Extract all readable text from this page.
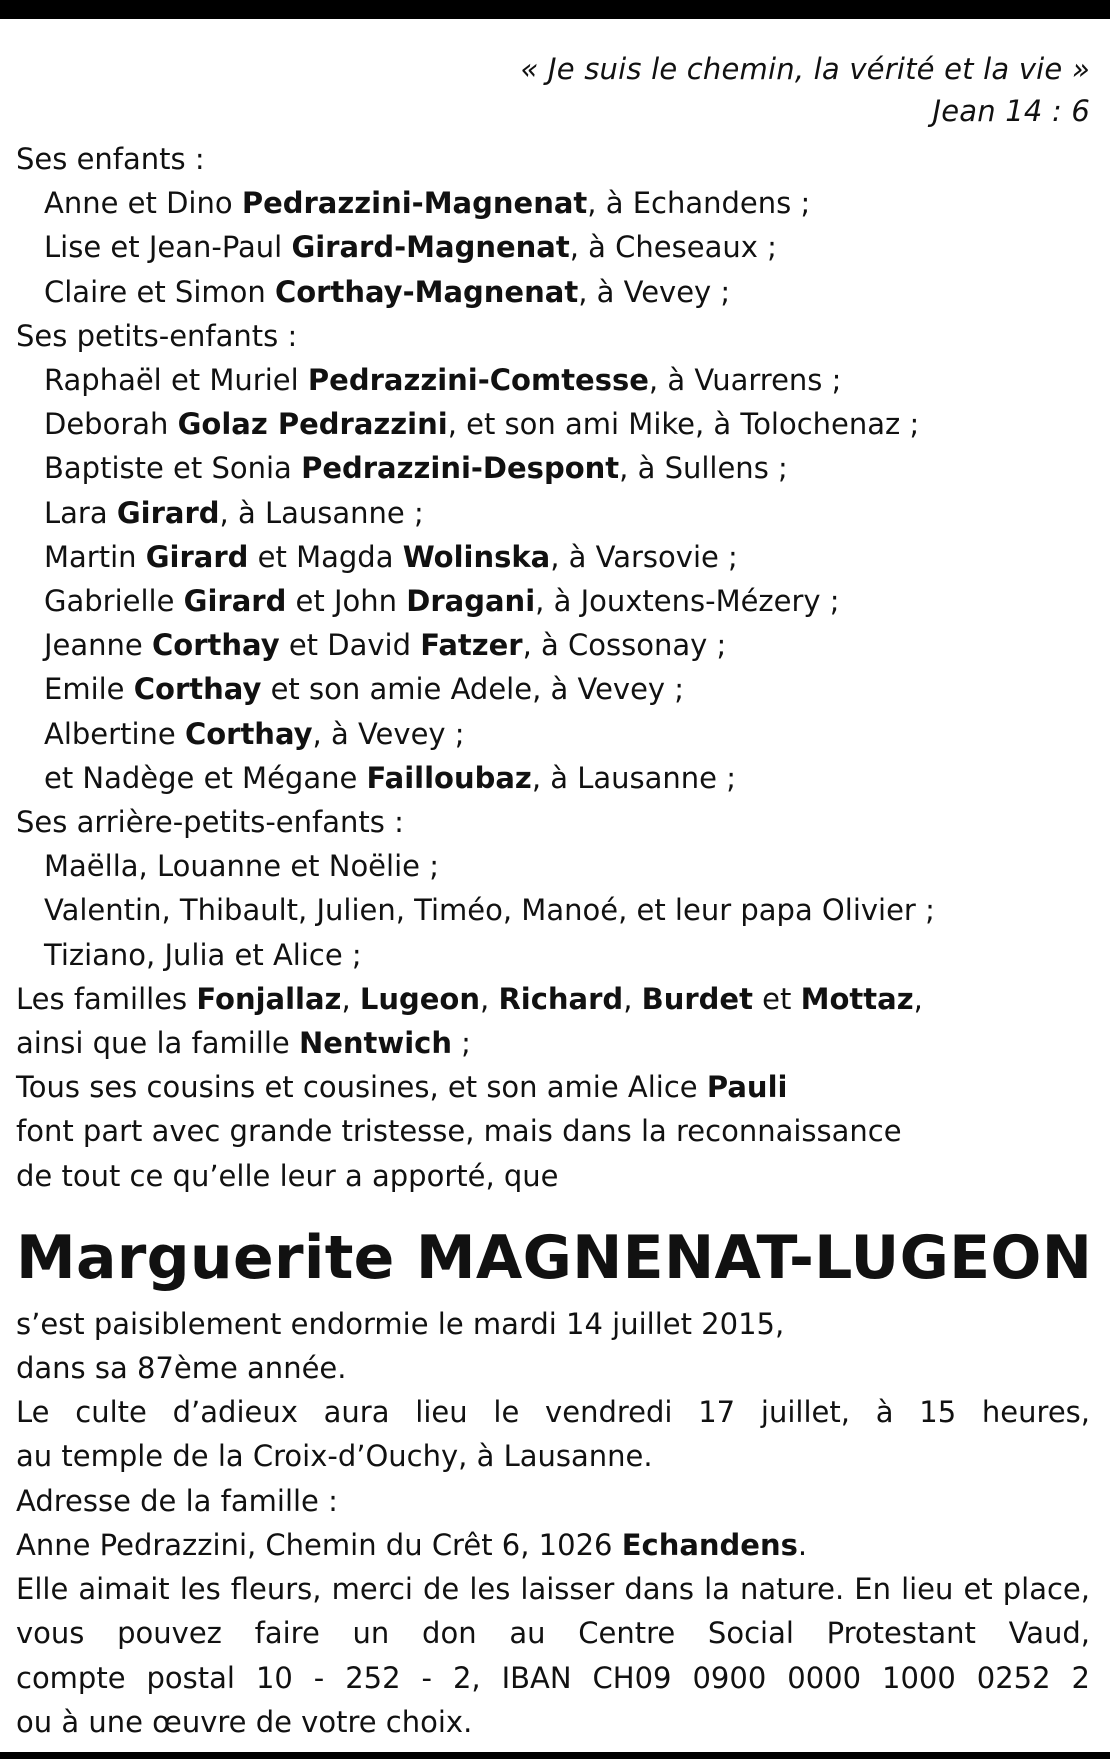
« Je suis le chemin, la vérité et la vie »
Jean 14 : 6
Ses enfants :
Anne et Dino Pedrazzini-Magnenat, à Echandens ;
Lise et Jean-Paul Girard-Magnenat, à Cheseaux ;
Claire et Simon Corthay-Magnenat, à Vevey ;
Ses petits-enfants :
Raphaël et Muriel Pedrazzini-Comtesse, à Vuarrens ;
Deborah Golaz Pedrazzini, et son ami Mike, à Tolochenaz ;
Baptiste et Sonia Pedrazzini-Despont, à Sullens ;
Lara Girard, à Lausanne ;
Martin Girard et Magda Wolinska, à Varsovie ;
Gabrielle Girard et John Dragani, à Jouxtens-Mézery ;
Jeanne Corthay et David Fatzer, à Cossonay ;
Emile Corthay et son amie Adele, à Vevey ;
Albertine Corthay, à Vevey ;
et Nadège et Mégane Failloubaz, à Lausanne ;
Ses arrière-petits-enfants :
Maëlla, Louanne et Noëlie ;
Valentin, Thibault, Julien, Timéo, Manoé, et leur papa Olivier ;
Tiziano, Julia et Alice ;
Les familles Fonjallaz, Lugeon, Richard, Burdet et Mottaz,
ainsi que la famille Nentwich ;
Tous ses cousins et cousines, et son amie Alice Pauli
font part avec grande tristesse, mais dans la reconnaissance
de tout ce qu’elle leur a apporté, que
Marguerite MAGNENAT-LUGEON
s’est paisiblement endormie le mardi 14 juillet 2015,
dans sa 87ème année.
Le culte d’adieux aura lieu le vendredi 17 juillet, à 15 heures,
au temple de la Croix-d’Ouchy, à Lausanne.
Adresse de la famille :
Anne Pedrazzini, Chemin du Crêt 6, 1026 Echandens.
Elle aimait les fleurs, merci de les laisser dans la nature. En lieu et place,
vous pouvez faire un don au Centre Social Protestant Vaud,
compte postal 10 - 252 - 2, IBAN CH09 0900 0000 1000 0252 2
ou à une œuvre de votre choix.
